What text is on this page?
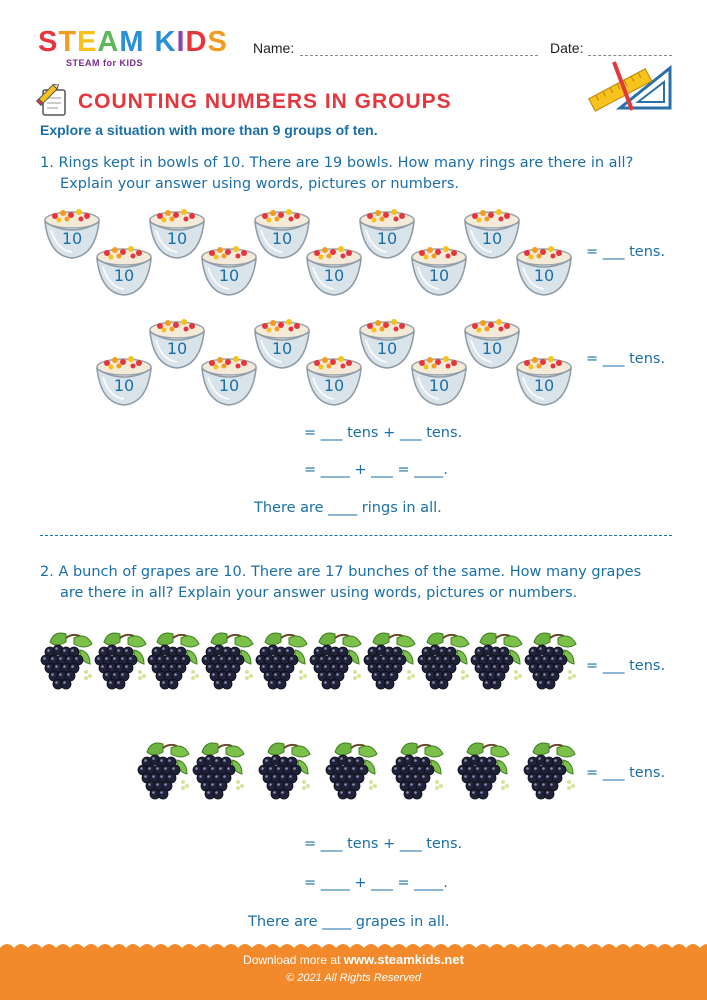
STEAM KIDS
STEAM for KIDS
Name:	Date:
COUNTING NUMBERS IN GROUPS
Explore a situation with more than 9 groups of ten.
1. Rings kept in bowls of 10. There are 19 bowls. How many rings are there in all?
Explain your answer using words, pictures or numbers.
10	10	10	10	10
10	10	10	10	10
10	10	10	10
10	10	10	10	10
= ___ tens.
= ___ tens.
= ___ tens + ___ tens.
= ____ + ___ = ____.
There are ____ rings in all.
2. A bunch of grapes are 10. There are 17 bunches of the same. How many grapes
are there in all? Explain your answer using words, pictures or numbers.
= ___ tens.
= ___ tens.
= ___ tens + ___ tens.
= ____ + ___ = ____.
There are ____ grapes in all.
Download more at www.steamkids.net
© 2021 All Rights Reserved
